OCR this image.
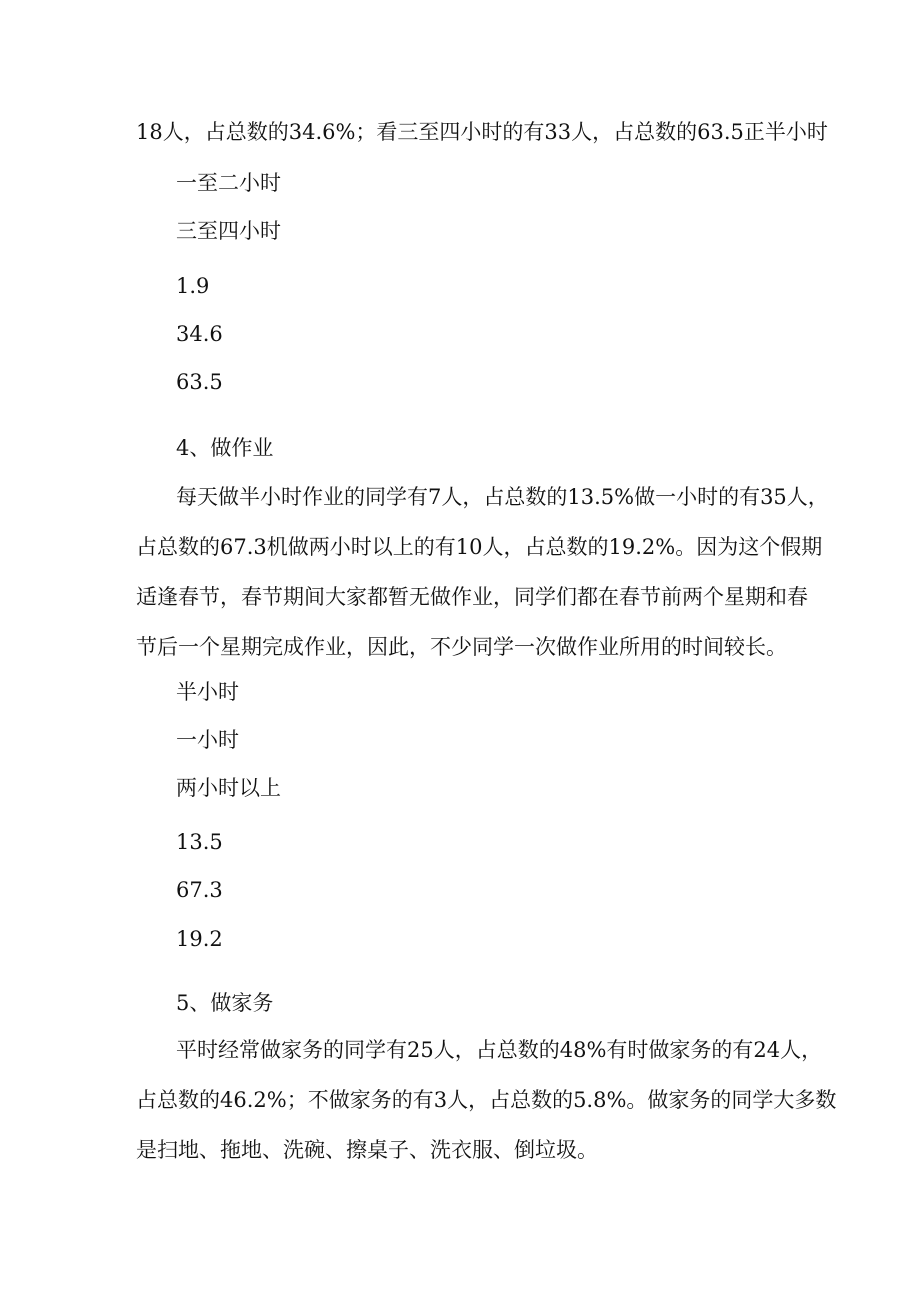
18人，占总数的34.6%；看三至四小时的有33人，占总数的63.5正半小时
一至二小时
三至四小时
1.9
34.6
63.5
4、做作业
每天做半小时作业的同学有7人，占总数的13.5%做一小时的有35人，
占总数的67.3机做两小时以上的有10人，占总数的19.2%。因为这个假期
适逢春节，春节期间大家都暂无做作业，同学们都在春节前两个星期和春
节后一个星期完成作业，因此，不少同学一次做作业所用的时间较长。
半小时
一小时
两小时以上
13.5
67.3
19.2
5、做家务
平时经常做家务的同学有25人，占总数的48%有时做家务的有24人，
占总数的46.2%；不做家务的有3人，占总数的5.8%。做家务的同学大多数
是扫地、拖地、洗碗、擦桌子、洗衣服、倒垃圾。
